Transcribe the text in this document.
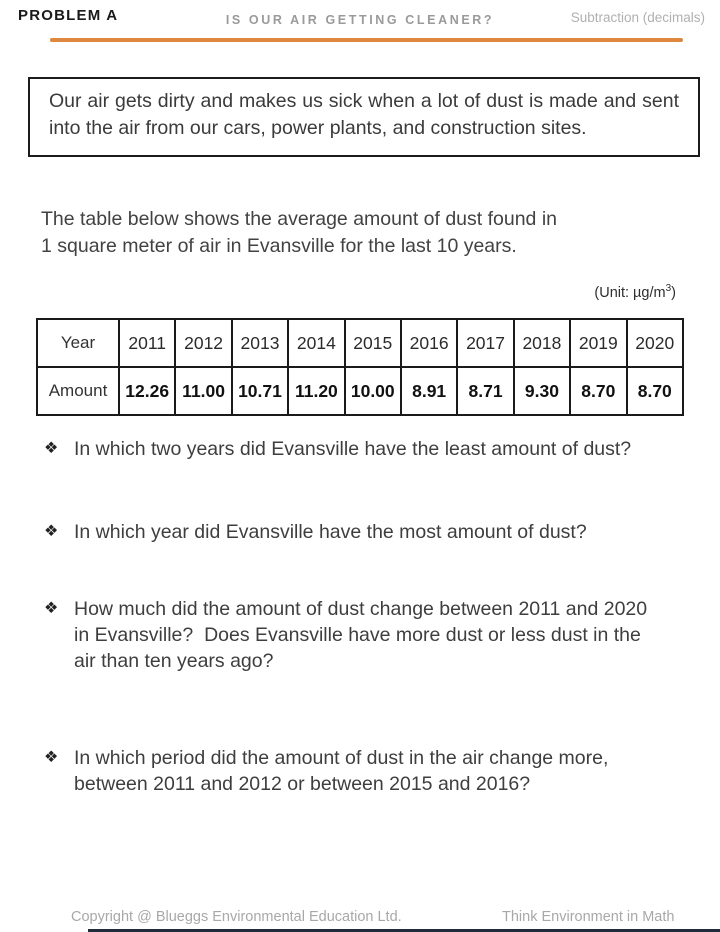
PROBLEM A	IS OUR AIR GETTING CLEANER?	Subtraction (decimals)
Our air gets dirty and makes us sick when a lot of dust is made and sent into the air from our cars, power plants, and construction sites.
The table below shows the average amount of dust found in
1 square meter of air in Evansville for the last 10 years.
(Unit: $\mu g/m^3$)
Year	2011	2012	2013	2014	2015	2016	2017	2018	2019	2020
Amount	12.26	11.00	10.71	11.20	10.00	8.91	8.71	9.30	8.70	8.70
❖ In which two years did Evansville have the least amount of dust?
❖ In which year did Evansville have the most amount of dust?
❖ How much did the amount of dust change between 2011 and 2020 in Evansville?  Does Evansville have more dust or less dust in the air than ten years ago?
❖ In which period did the amount of dust in the air change more, between 2011 and 2012 or between 2015 and 2016?
Copyright @ Blueggs Environmental Education Ltd.	Think Environment in Math
